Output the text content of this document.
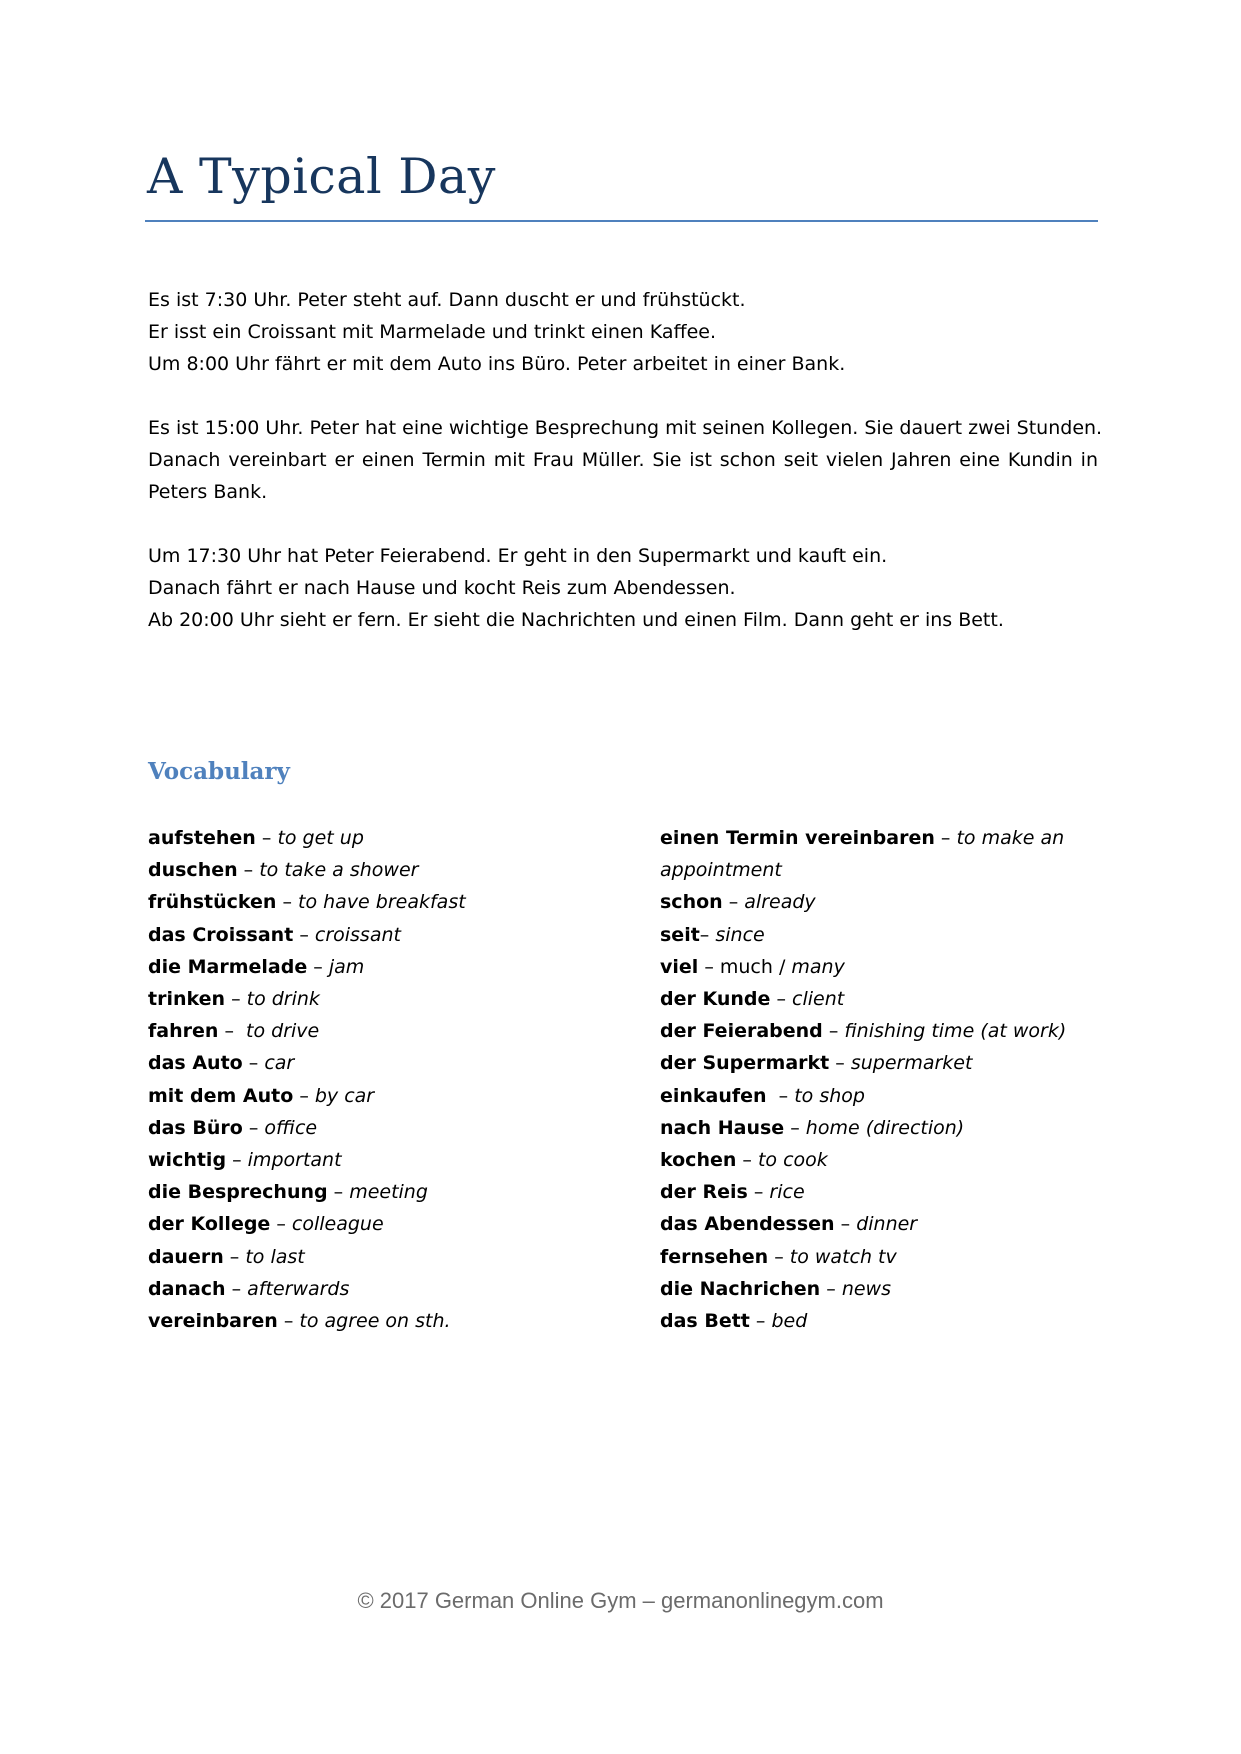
A Typical Day

Es ist 7:30 Uhr. Peter steht auf. Dann duscht er und frühstückt.
Er isst ein Croissant mit Marmelade und trinkt einen Kaffee.
Um 8:00 Uhr fährt er mit dem Auto ins Büro. Peter arbeitet in einer Bank.

Es ist 15:00 Uhr. Peter hat eine wichtige Besprechung mit seinen Kollegen. Sie dauert zwei Stunden.
Danach vereinbart er einen Termin mit Frau Müller. Sie ist schon seit vielen Jahren eine Kundin in
Peters Bank.

Um 17:30 Uhr hat Peter Feierabend. Er geht in den Supermarkt und kauft ein.
Danach fährt er nach Hause und kocht Reis zum Abendessen.
Ab 20:00 Uhr sieht er fern. Er sieht die Nachrichten und einen Film. Dann geht er ins Bett.

Vocabulary
aufstehen – to get up
duschen – to take a shower
frühstücken – to have breakfast
das Croissant – croissant
die Marmelade – jam
trinken – to drink
fahren –  to drive
das Auto – car
mit dem Auto – by car
das Büro – office
wichtig – important
die Besprechung – meeting
der Kollege – colleague
dauern – to last
danach – afterwards
vereinbaren – to agree on sth.
einen Termin vereinbaren – to make an
appointment
schon – already
seit– since
viel – much / many
der Kunde – client
der Feierabend – finishing time (at work)
der Supermarkt – supermarket
einkaufen  – to shop
nach Hause – home (direction)
kochen – to cook
der Reis – rice
das Abendessen – dinner
fernsehen – to watch tv
die Nachrichen – news
das Bett – bed
© 2017 German Online Gym – germanonlinegym.com
